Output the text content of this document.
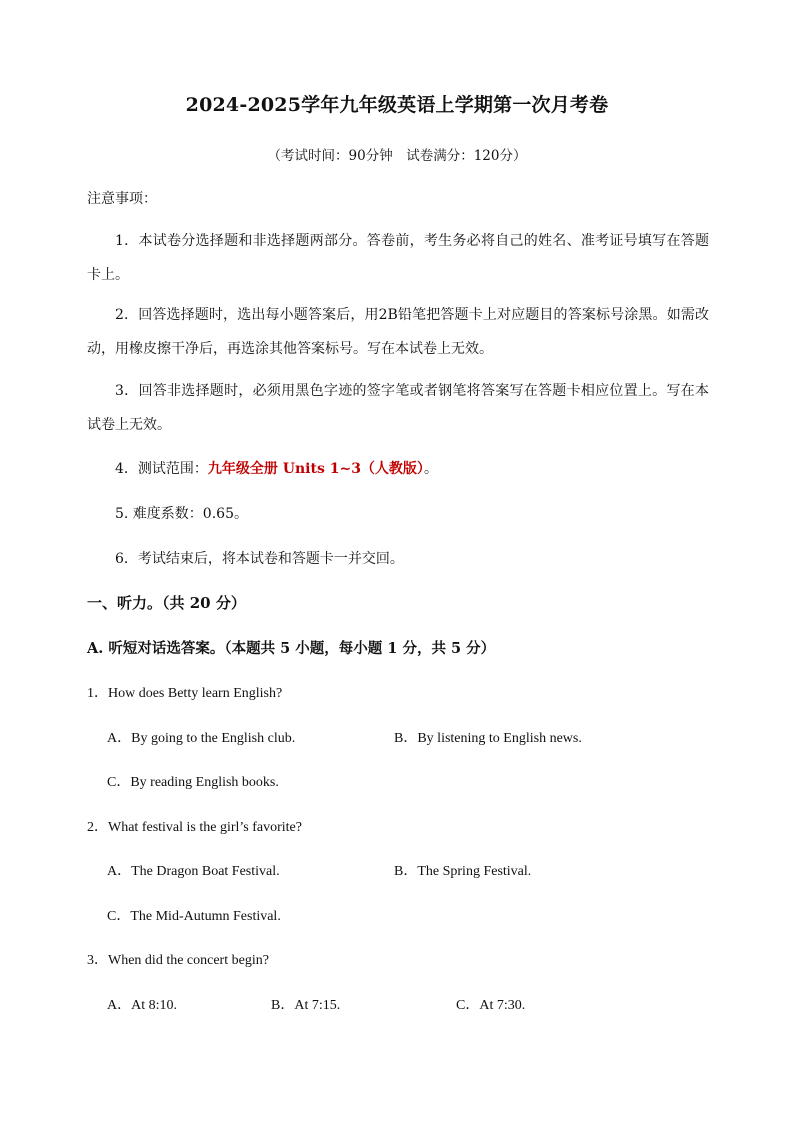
2024-2025学年九年级英语上学期第一次月考卷
（考试时间：90分钟　试卷满分：120分）
注意事项：
1．本试卷分选择题和非选择题两部分。答卷前，考生务必将自己的姓名、准考证号填写在答题卡上。
2．回答选择题时，选出每小题答案后，用2B铅笔把答题卡上对应题目的答案标号涂黑。如需改动，用橡皮擦干净后，再选涂其他答案标号。写在本试卷上无效。
3．回答非选择题时，必须用黑色字迹的签字笔或者钢笔将答案写在答题卡相应位置上。写在本试卷上无效。
4．测试范围：九年级全册 Units 1~3（人教版）。
5. 难度系数：0.65。
6．考试结束后，将本试卷和答题卡一并交回。
一、听力。（共 20 分）
A. 听短对话选答案。（本题共 5 小题，每小题 1 分，共 5 分）
1．How does Betty learn English?
A．By going to the English club.	B．By listening to English news.
C．By reading English books.
2．What festival is the girl’s favorite?
A．The Dragon Boat Festival.	B．The Spring Festival.
C．The Mid-Autumn Festival.
3．When did the concert begin?
A．At 8:10.	B．At 7:15.	C．At 7:30.
